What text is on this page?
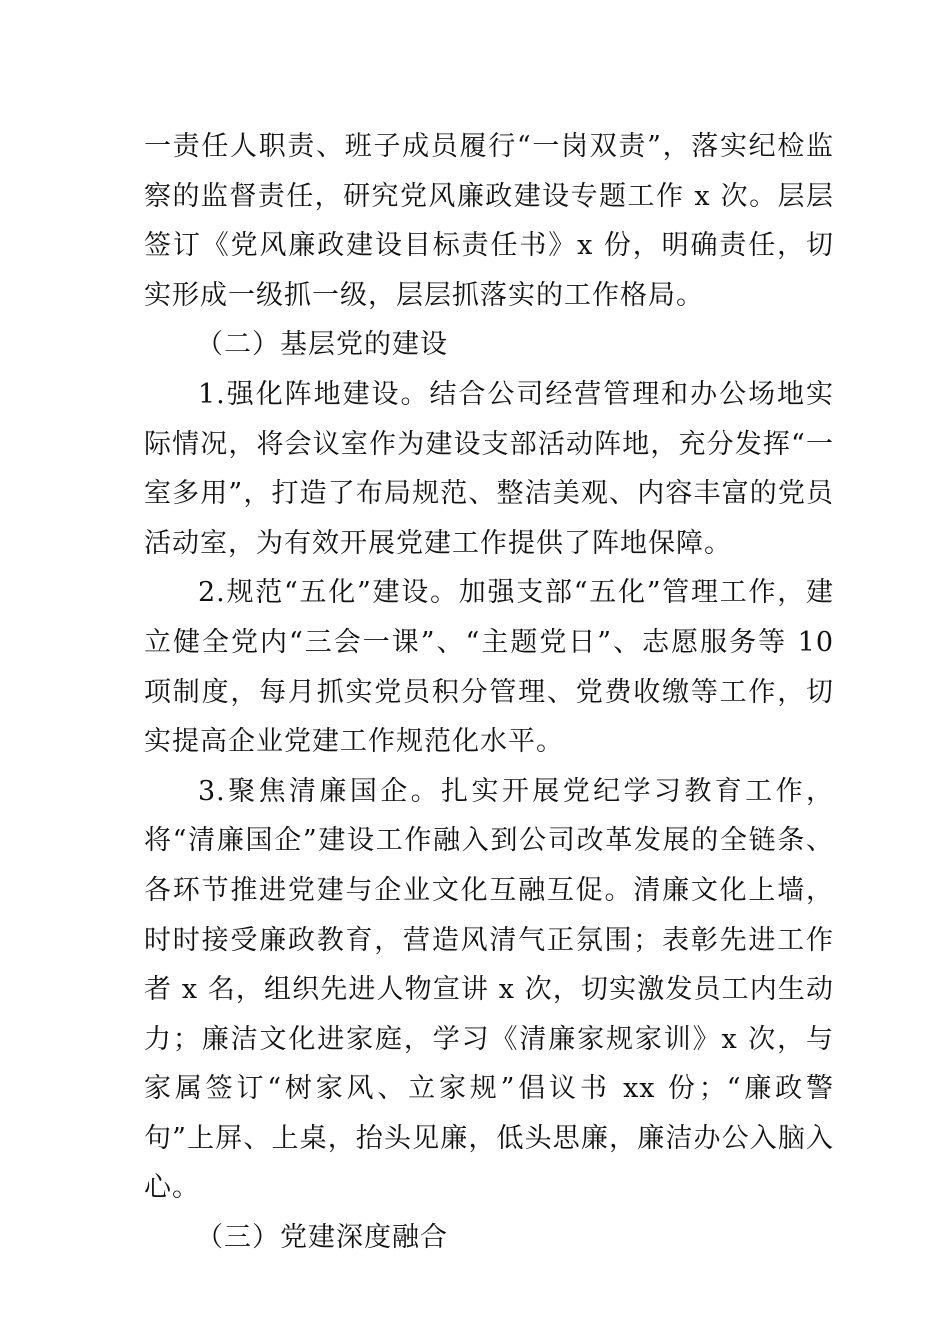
一责任人职责、班子成员履行“一岗双责”，落实纪检监察的监督责任，研究党风廉政建设专题工作 x 次。层层签订《党风廉政建设目标责任书》x 份，明确责任，切实形成一级抓一级，层层抓落实的工作格局。

（二）基层党的建设

1.强化阵地建设。结合公司经营管理和办公场地实际情况，将会议室作为建设支部活动阵地，充分发挥“一室多用”，打造了布局规范、整洁美观、内容丰富的党员活动室，为有效开展党建工作提供了阵地保障。

2.规范“五化”建设。加强支部“五化”管理工作，建立健全党内“三会一课”、“主题党日”、志愿服务等 10 项制度，每月抓实党员积分管理、党费收缴等工作，切实提高企业党建工作规范化水平。

3.聚焦清廉国企。扎实开展党纪学习教育工作，将“清廉国企”建设工作融入到公司改革发展的全链条、各环节推进党建与企业文化互融互促。清廉文化上墙，时时接受廉政教育，营造风清气正氛围；表彰先进工作者 x 名，组织先进人物宣讲 x 次，切实激发员工内生动力；廉洁文化进家庭，学习《清廉家规家训》x 次，与家属签订“树家风、立家规”倡议书 xx 份；“廉政警句”上屏、上桌，抬头见廉，低头思廉，廉洁办公入脑入心。

（三）党建深度融合
